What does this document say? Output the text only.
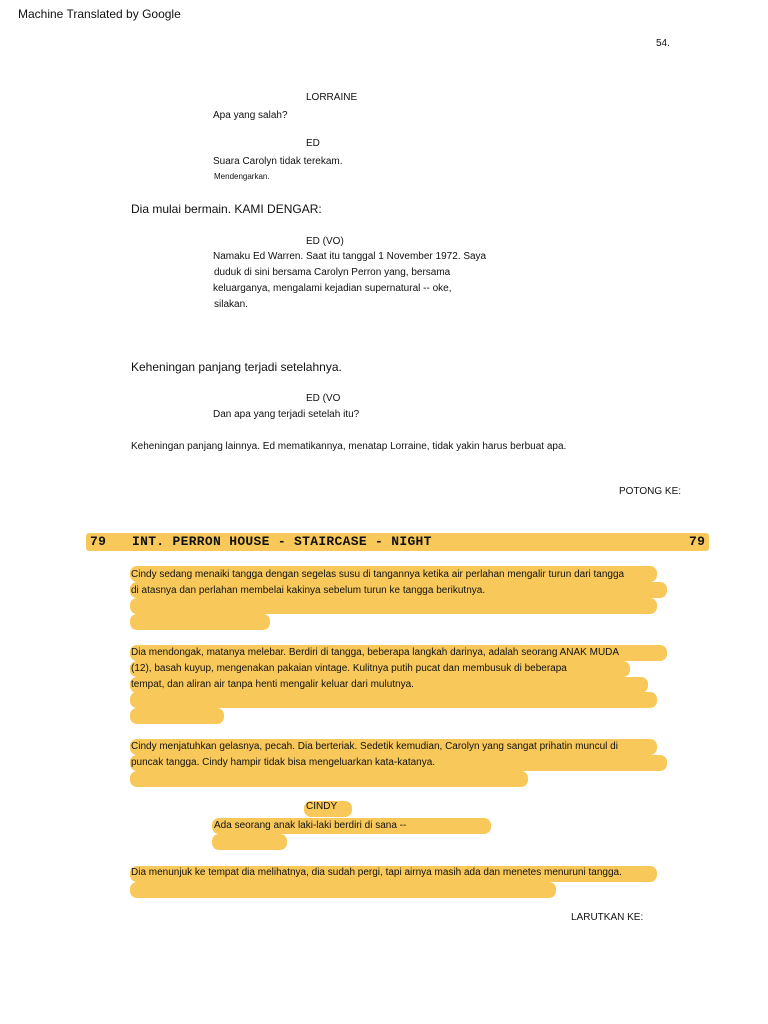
Machine Translated by Google
54.
LORRAINE
Apa yang salah?
ED
Suara Carolyn tidak terekam.
Mendengarkan.
Dia mulai bermain. KAMI DENGAR:
ED (VO)
Namaku Ed Warren. Saat itu tanggal 1 November 1972. Saya
duduk di sini bersama Carolyn Perron yang, bersama
keluarganya, mengalami kejadian supernatural -- oke,
silakan.
Keheningan panjang terjadi setelahnya.
ED (VO
Dan apa yang terjadi setelah itu?
Keheningan panjang lainnya. Ed mematikannya, menatap Lorraine, tidak yakin harus berbuat apa.
POTONG KE:
79 INT. PERRON HOUSE - STAIRCASE - NIGHT	79
Cindy sedang menaiki tangga dengan segelas susu di tangannya ketika air perlahan mengalir turun dari tangga
di atasnya dan perlahan membelai kakinya sebelum turun ke tangga berikutnya.
Dia mendongak, matanya melebar. Berdiri di tangga, beberapa langkah darinya, adalah seorang ANAK MUDA
(12), basah kuyup, mengenakan pakaian vintage. Kulitnya putih pucat dan membusuk di beberapa
tempat, dan aliran air tanpa henti mengalir keluar dari mulutnya.
Cindy menjatuhkan gelasnya, pecah. Dia berteriak. Sedetik kemudian, Carolyn yang sangat prihatin muncul di
puncak tangga. Cindy hampir tidak bisa mengeluarkan kata-katanya.
CINDY
Ada seorang anak laki-laki berdiri di sana --
Dia menunjuk ke tempat dia melihatnya, dia sudah pergi, tapi airnya masih ada dan menetes menuruni tangga.
LARUTKAN KE:
